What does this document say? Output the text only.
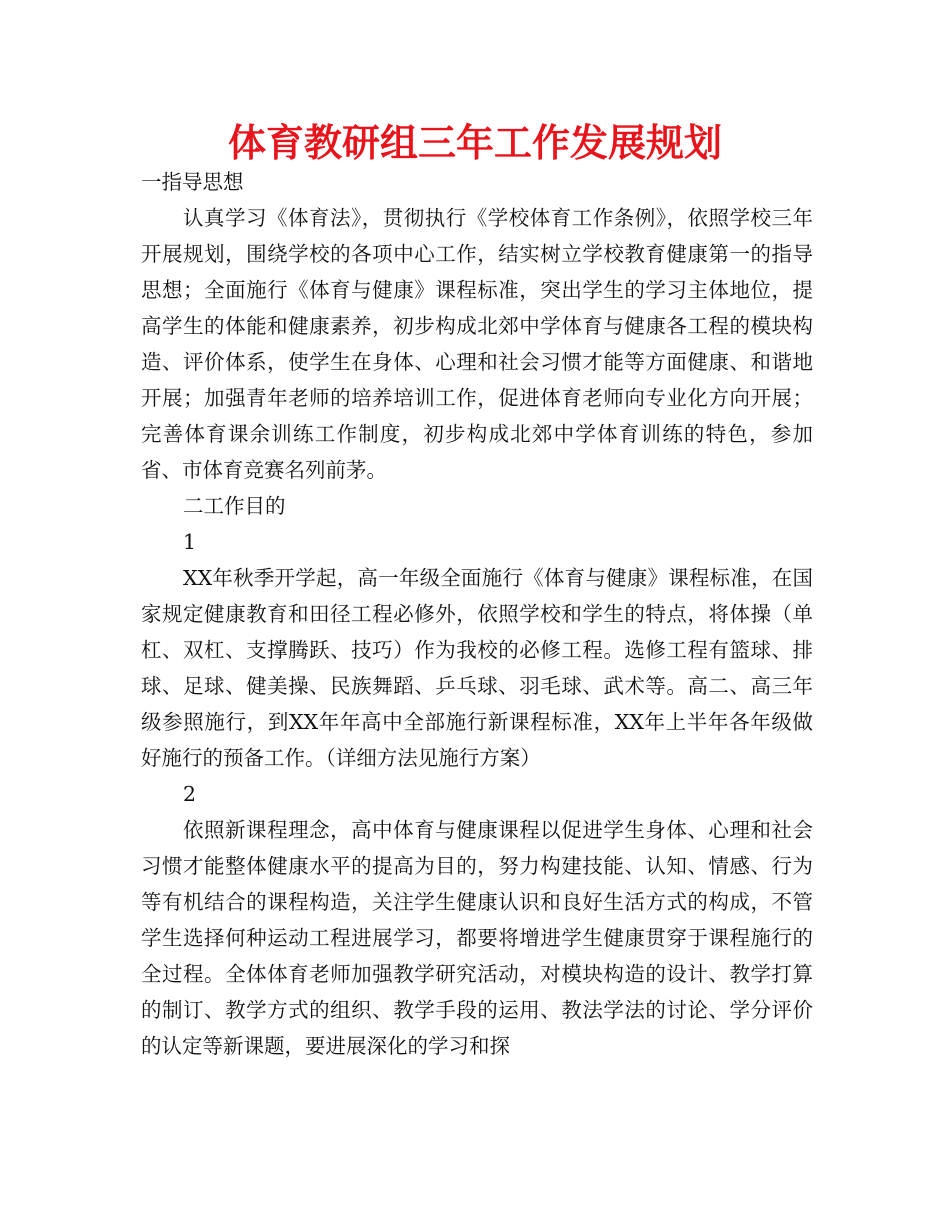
体育教研组三年工作发展规划

一指导思想

认真学习《体育法》，贯彻执行《学校体育工作条例》，依照学校三年开展规划，围绕学校的各项中心工作，结实树立学校教育健康第一的指导思想；全面施行《体育与健康》课程标准，突出学生的学习主体地位，提高学生的体能和健康素养，初步构成北郊中学体育与健康各工程的模块构造、评价体系，使学生在身体、心理和社会习惯才能等方面健康、和谐地开展；加强青年老师的培养培训工作，促进体育老师向专业化方向开展；完善体育课余训练工作制度，初步构成北郊中学体育训练的特色，参加省、市体育竞赛名列前茅。

二工作目的

1

XX年秋季开学起，高一年级全面施行《体育与健康》课程标准，在国家规定健康教育和田径工程必修外，依照学校和学生的特点，将体操（单杠、双杠、支撑腾跃、技巧）作为我校的必修工程。选修工程有篮球、排球、足球、健美操、民族舞蹈、乒乓球、羽毛球、武术等。高二、高三年级参照施行，到XX年年高中全部施行新课程标准，XX年上半年各年级做好施行的预备工作。（详细方法见施行方案）

2

依照新课程理念，高中体育与健康课程以促进学生身体、心理和社会习惯才能整体健康水平的提高为目的，努力构建技能、认知、情感、行为等有机结合的课程构造，关注学生健康认识和良好生活方式的构成，不管学生选择何种运动工程进展学习，都要将增进学生健康贯穿于课程施行的全过程。全体体育老师加强教学研究活动，对模块构造的设计、教学打算的制订、教学方式的组织、教学手段的运用、教法学法的讨论、学分评价的认定等新课题，要进展深化的学习和探
